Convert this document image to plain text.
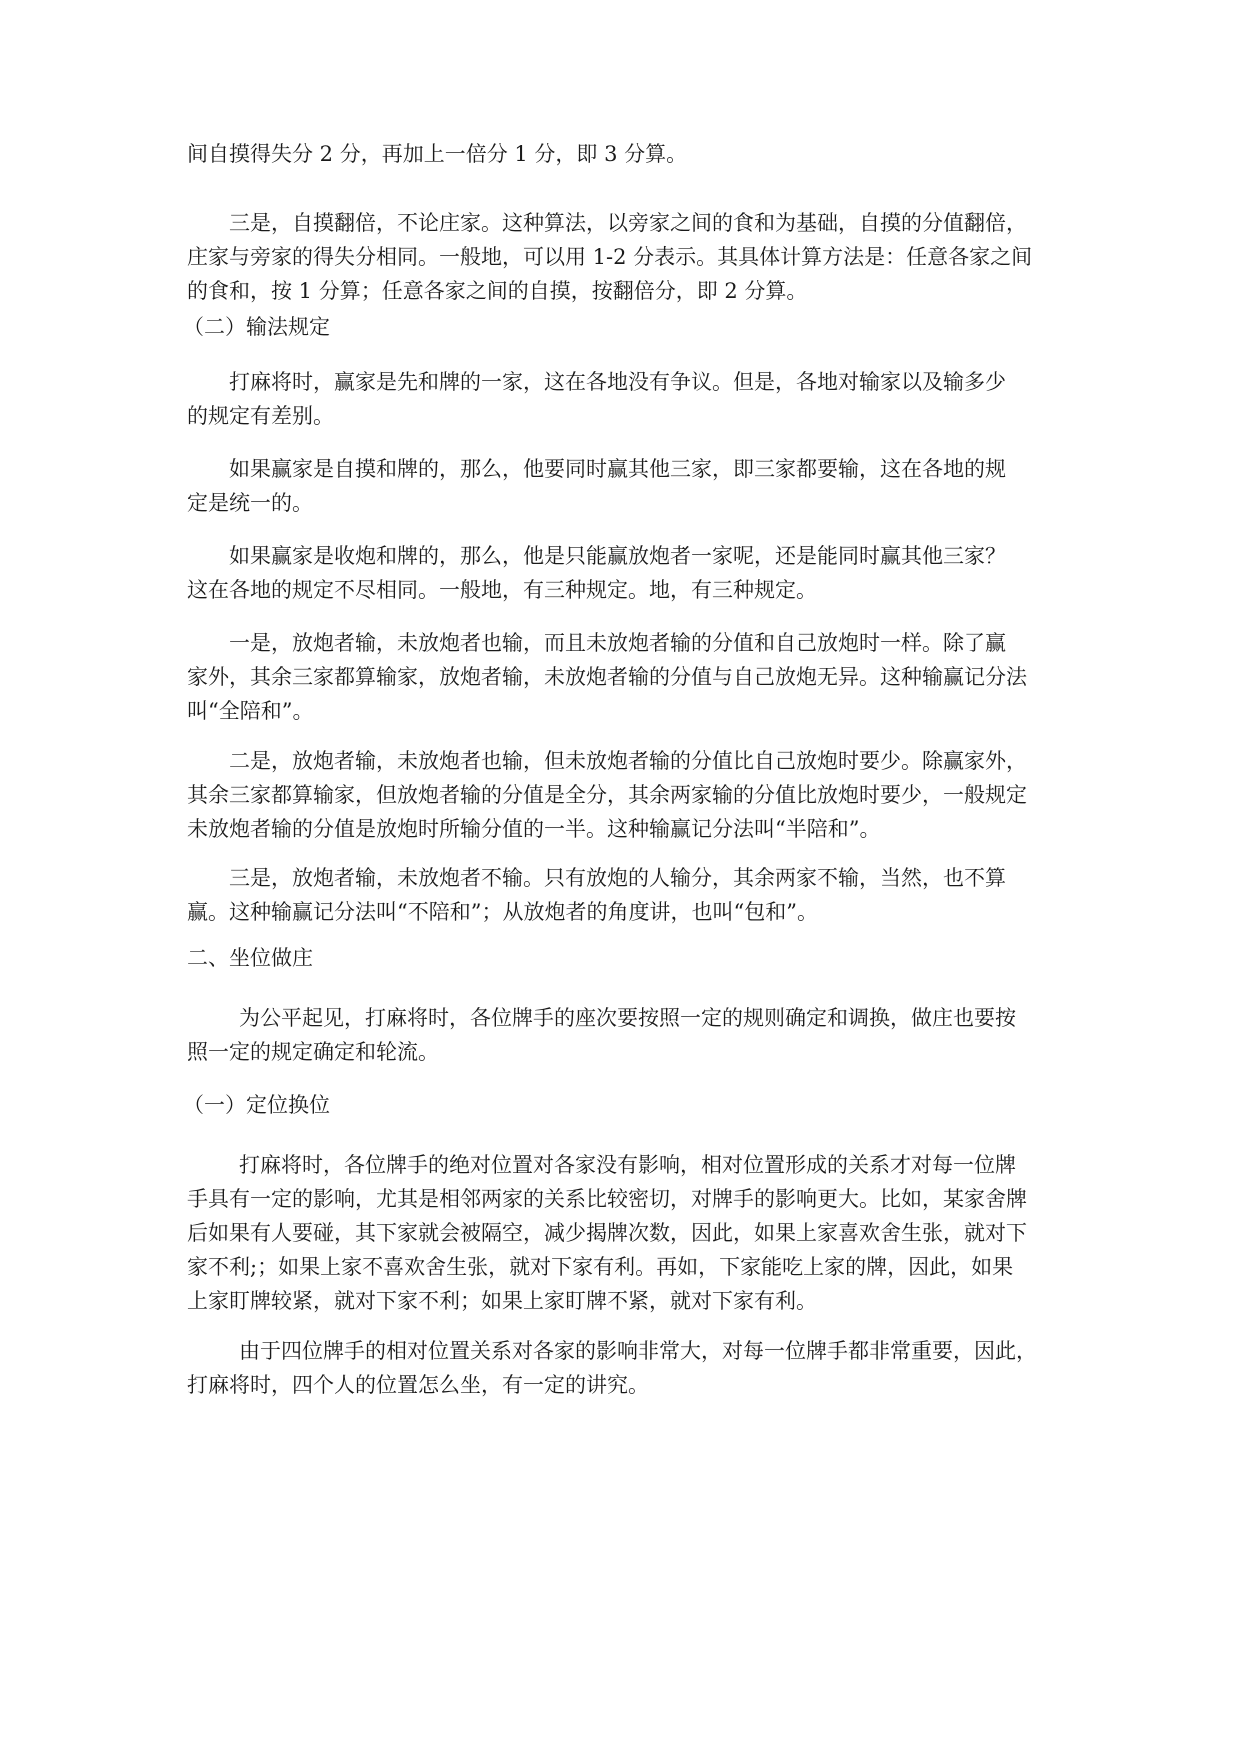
间自摸得失分 2 分，再加上一倍分 1 分，即 3 分算。
三是，自摸翻倍，不论庄家。这种算法，以旁家之间的食和为基础，自摸的分值翻倍，
庄家与旁家的得失分相同。一般地，可以用 1-2 分表示。其具体计算方法是：任意各家之间
的食和，按 1 分算；任意各家之间的自摸，按翻倍分，即 2 分算。
（二）输法规定
打麻将时，赢家是先和牌的一家，这在各地没有争议。但是，各地对输家以及输多少
的规定有差别。
如果赢家是自摸和牌的，那么，他要同时赢其他三家，即三家都要输，这在各地的规
定是统一的。
如果赢家是收炮和牌的，那么，他是只能赢放炮者一家呢，还是能同时赢其他三家？
这在各地的规定不尽相同。一般地，有三种规定。地，有三种规定。
一是，放炮者输，未放炮者也输，而且未放炮者输的分值和自己放炮时一样。除了赢
家外，其余三家都算输家，放炮者输，未放炮者输的分值与自己放炮无异。这种输赢记分法
叫“全陪和”。
二是，放炮者输，未放炮者也输，但未放炮者输的分值比自己放炮时要少。除赢家外，
其余三家都算输家，但放炮者输的分值是全分，其余两家输的分值比放炮时要少，一般规定
未放炮者输的分值是放炮时所输分值的一半。这种输赢记分法叫“半陪和”。
三是，放炮者输，未放炮者不输。只有放炮的人输分，其余两家不输，当然，也不算
赢。这种输赢记分法叫“不陪和”；从放炮者的角度讲，也叫“包和”。
二、坐位做庄
为公平起见，打麻将时，各位牌手的座次要按照一定的规则确定和调换，做庄也要按
照一定的规定确定和轮流。
（一）定位换位
打麻将时，各位牌手的绝对位置对各家没有影响，相对位置形成的关系才对每一位牌
手具有一定的影响，尤其是相邻两家的关系比较密切，对牌手的影响更大。比如，某家舍牌
后如果有人要碰，其下家就会被隔空，减少揭牌次数，因此，如果上家喜欢舍生张，就对下
家不利;；如果上家不喜欢舍生张，就对下家有利。再如，下家能吃上家的牌，因此，如果
上家盯牌较紧，就对下家不利；如果上家盯牌不紧，就对下家有利。
由于四位牌手的相对位置关系对各家的影响非常大，对每一位牌手都非常重要，因此，
打麻将时，四个人的位置怎么坐，有一定的讲究。
